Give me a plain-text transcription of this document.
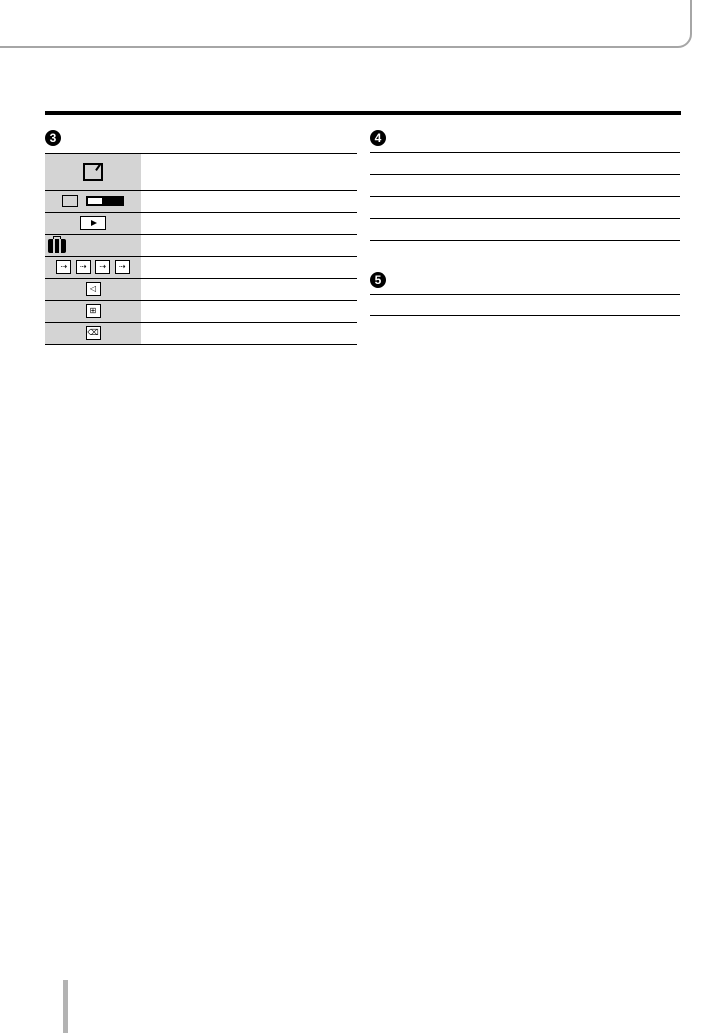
3

⇢ ⇢ ⇢ ⇢	
◁	
⊞	
⌫	
4
5
